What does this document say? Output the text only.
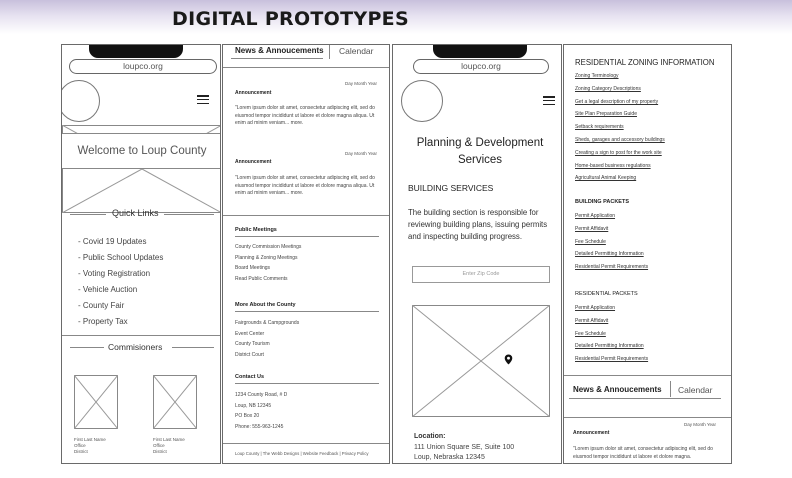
DIGITAL PROTOTYPES
loupco.org
Welcome to Loup County
Quick Links
- Covid 19 Updates
- Public School Updates
- Voting Registration
- Vehicle Auction
- County Fair
- Property Tax
Commisioners
First Last Name
Office
District
First Last Name
Office
District
News & Annoucements Calendar
Day Month Year
Announcement
"Lorem ipsum dolor sit amet, consectetur adipiscing elit, sed do eiusmod tempor incididunt ut labore et dolore magna aliqua. Ut enim ad minim veniam... more.
Day Month Year
Announcement
"Lorem ipsum dolor sit amet, consectetur adipiscing elit, sed do eiusmod tempor incididunt ut labore et dolore magna aliqua. Ut enim ad minim veniam... more.
Public Meetings
County Commission Meetings
Planning & Zoning Meetings
Board Meetings
Read Public Comments
More About the County
Fairgrounds & Campgrounds
Event Center
County Tourism
District Court
Contact Us
1234 County Road, # D
Loup, NB 12345
PO Box 20
Phone: 555-963-1245
Loup County | The Webb Designs | Website Feedback | Privacy Policy
loupco.org
Planning & Development Services
BUILDING SERVICES
The building section is responsible for reviewing building plans, issuing permits and inspecting building progress.
Enter Zip Code
Location:
111 Union Square SE, Suite 100
Loup, Nebraska 12345
RESIDENTIAL ZONING INFORMATION
Zoning Terminology
Zoning Category Descriptions
Get a legal description of my property
Site Plan Preparation Guide
Setback requirements
Sheds, garages and accessory buildings
Creating a sign to post for the work site
Home-based business regulations
Agricultural Animal Keeping
BUILDING PACKETS
Permit Application
Permit Affidavit
Fee Schedule
Detailed Permitting Information
Residential Permit Requirements
RESIDENTIAL PACKETS
Permit Application
Permit Affidavit
Fee Schedule
Detailed Permitting Information
Residential Permit Requirements
News & Annoucements Calendar
Day Month Year
Announcement
"Lorem ipsum dolor sit amet, consectetur adipiscing elit, sed do eiusmod tempor incididunt ut labore et dolore magna.
